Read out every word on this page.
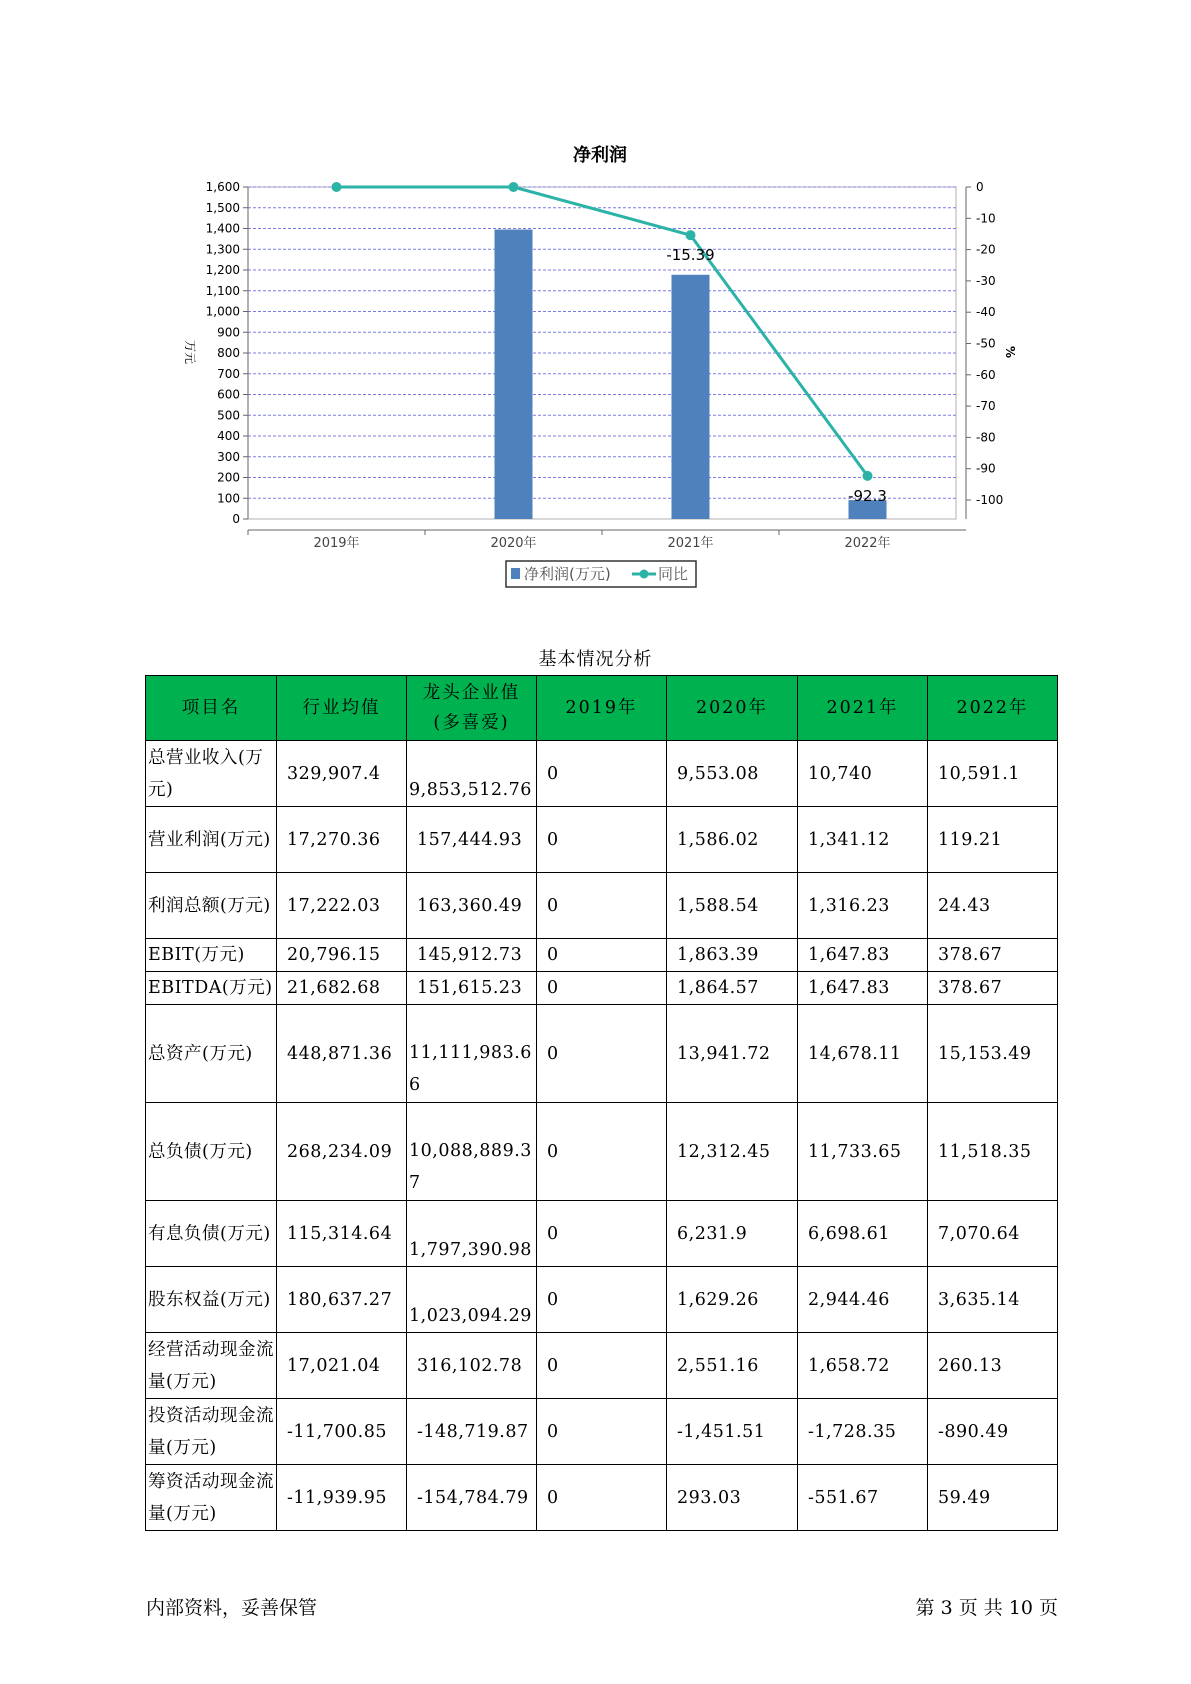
净利润
0
100
200
300
400
500
600
700
800
900
1,000
1,100
1,200
1,300
1,400
1,500
1,600	0
-10
-20
-30
-40
-50
-60
-70
-80
-90
-100
2019年	2020年	2021年	2022年
-15.39
-92.3
万元	%
净利润(万元)	同比
基本情况分析
项目名	行业均值	龙头企业值(多喜爱)	2019年	2020年	2021年	2022年
总营业收入(万元)	329,907.4	9,853,512.76	0	9,553.08	10,740	10,591.1
营业利润(万元)	17,270.36	157,444.93	0	1,586.02	1,341.12	119.21
利润总额(万元)	17,222.03	163,360.49	0	1,588.54	1,316.23	24.43
EBIT(万元)	20,796.15	145,912.73	0	1,863.39	1,647.83	378.67
EBITDA(万元)	21,682.68	151,615.23	0	1,864.57	1,647.83	378.67
总资产(万元)	448,871.36	11,111,983.66	0	13,941.72	14,678.11	15,153.49
总负债(万元)	268,234.09	10,088,889.37	0	12,312.45	11,733.65	11,518.35
有息负债(万元)	115,314.64	1,797,390.98	0	6,231.9	6,698.61	7,070.64
股东权益(万元)	180,637.27	1,023,094.29	0	1,629.26	2,944.46	3,635.14
经营活动现金流量(万元)	17,021.04	316,102.78	0	2,551.16	1,658.72	260.13
投资活动现金流量(万元)	-11,700.85	-148,719.87	0	-1,451.51	-1,728.35	-890.49
筹资活动现金流量(万元)	-11,939.95	-154,784.79	0	293.03	-551.67	59.49
内部资料，妥善保管	第 3 页 共 10 页
